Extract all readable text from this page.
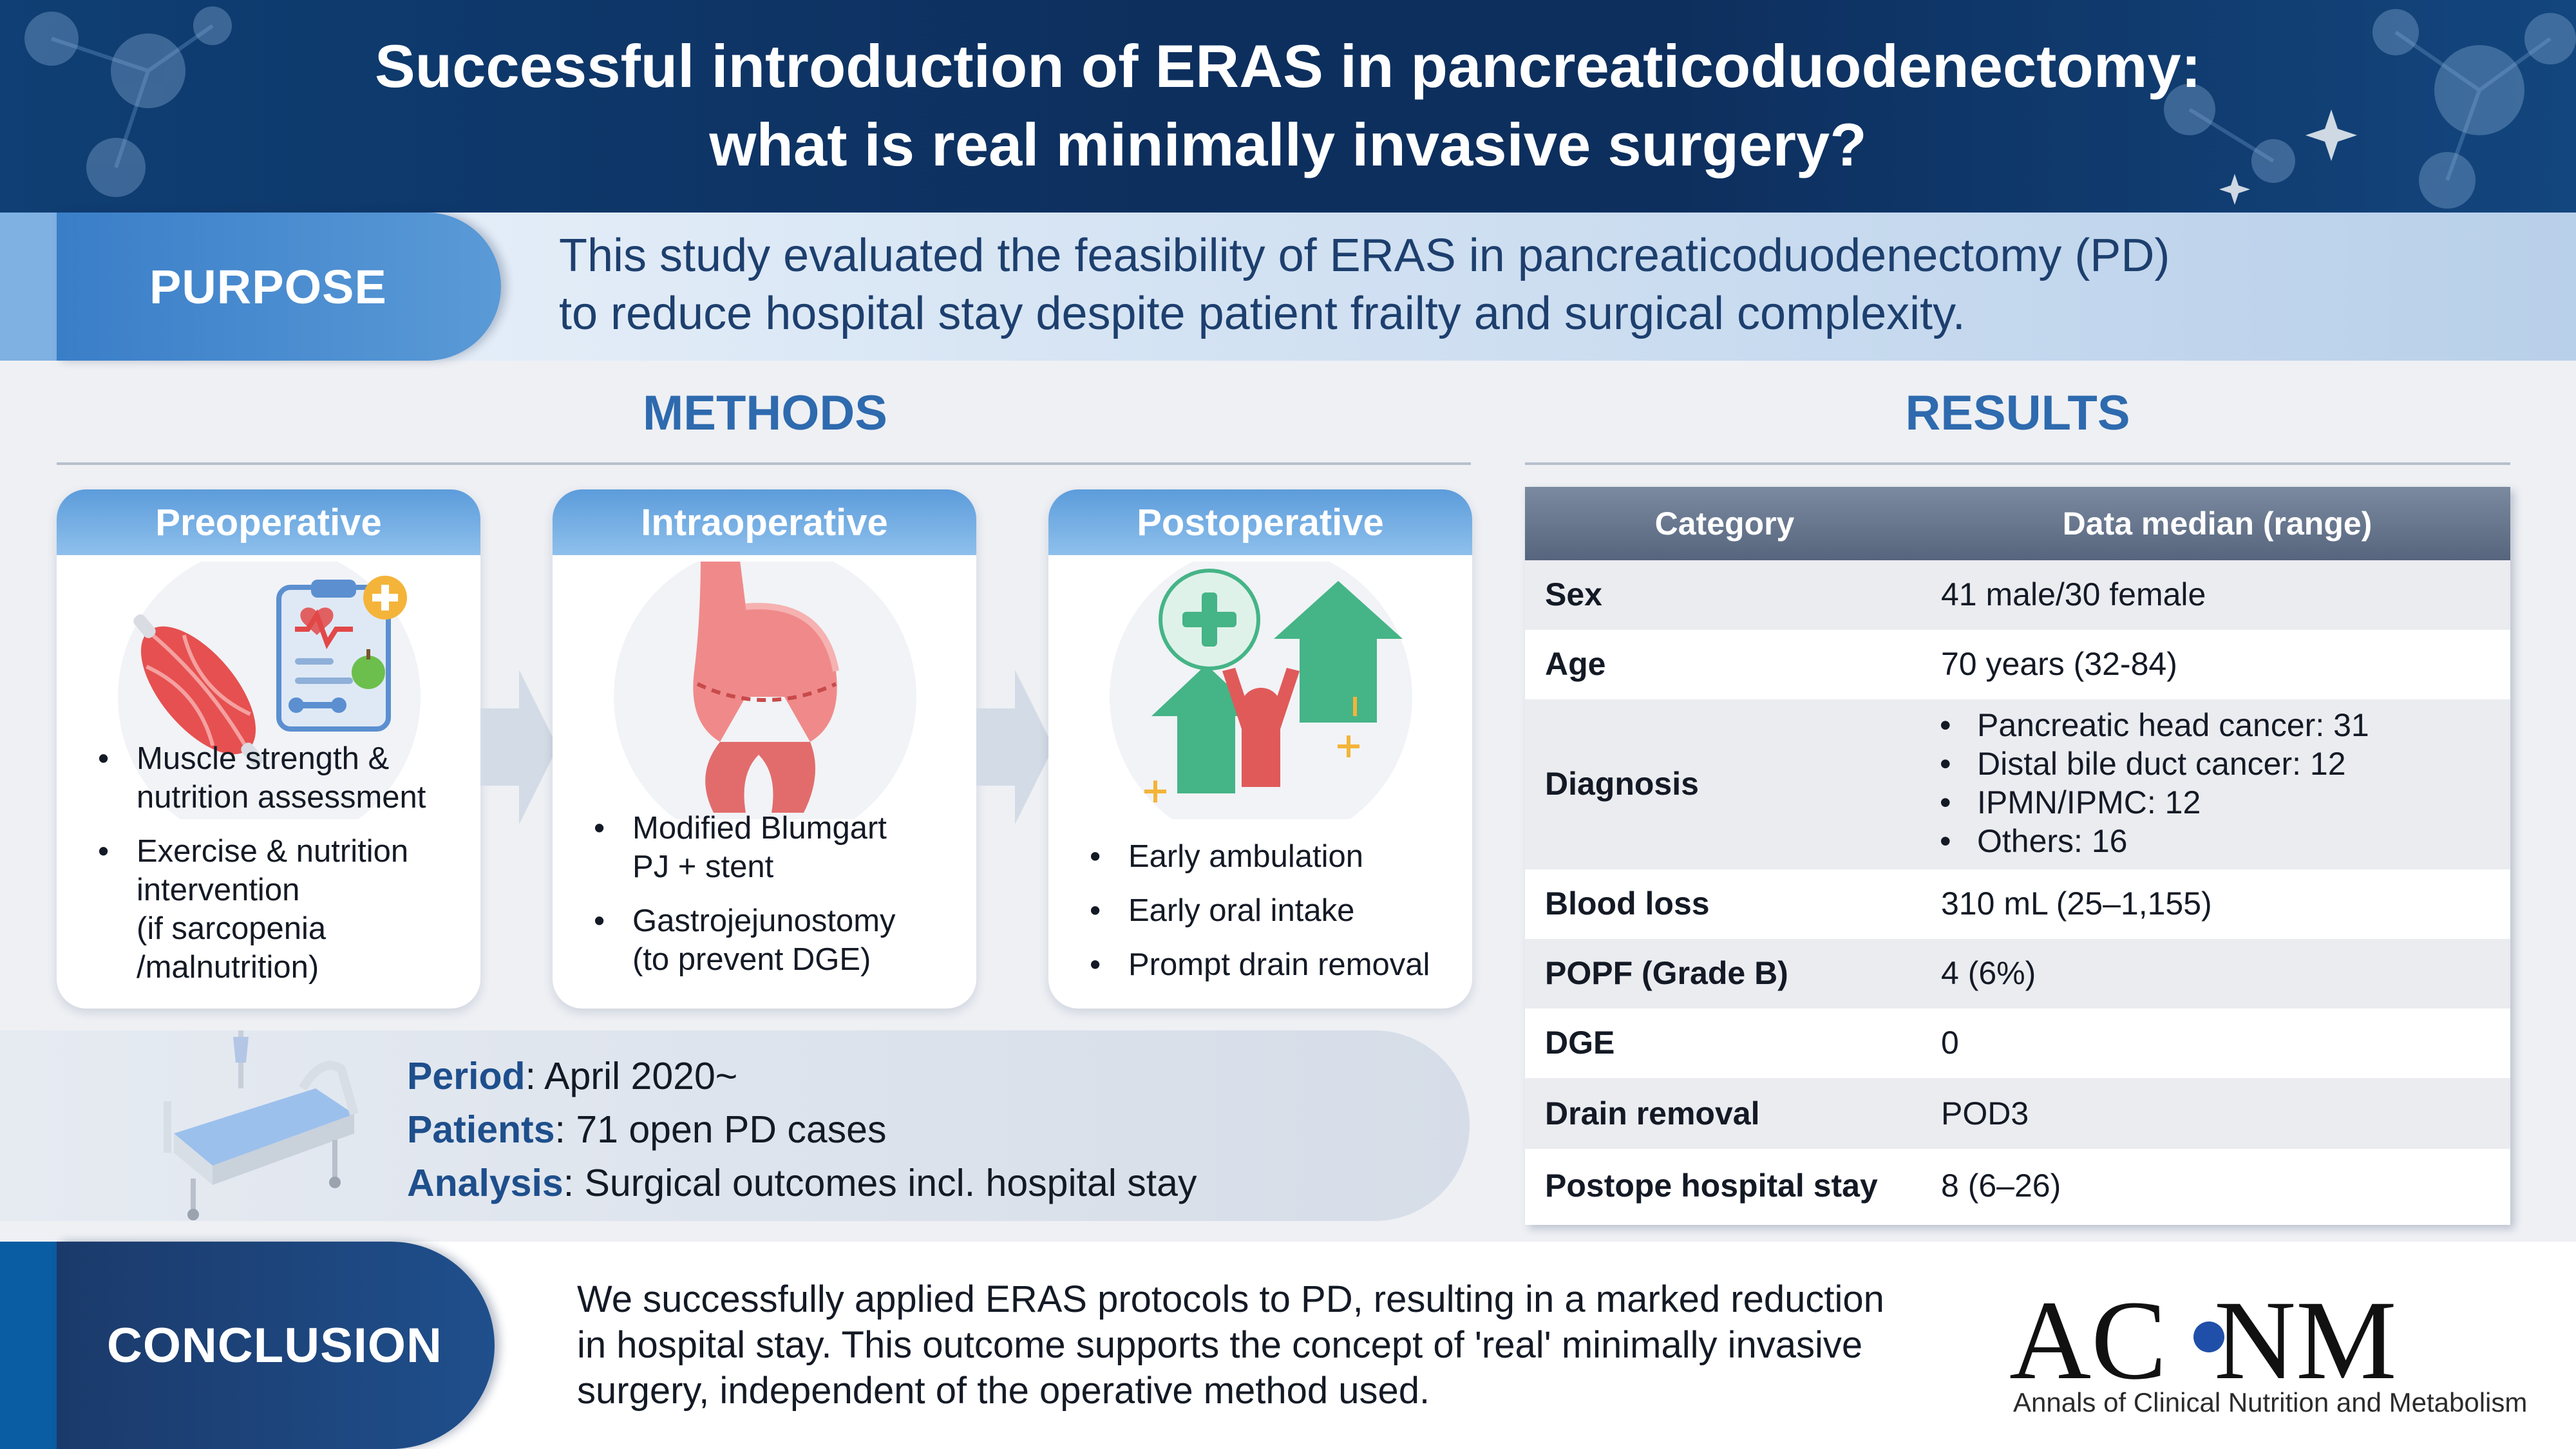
Successful introduction of ERAS in pancreaticoduodenectomy:
what is real minimally invasive surgery?
PURPOSE
This study evaluated the feasibility of ERAS in pancreaticoduodenectomy (PD)
to reduce hospital stay despite patient frailty and surgical complexity.
METHODS
Preoperative
• Muscle strength &
nutrition assessment
• Exercise & nutrition
intervention
(if sarcopenia
/malnutrition)
Intraoperative
• Modified Blumgart
PJ + stent
• Gastrojejunostomy
(to prevent DGE)
Postoperative
• Early ambulation
• Early oral intake
• Prompt drain removal
Period: April 2020~
Patients: 71 open PD cases
Analysis: Surgical outcomes incl. hospital stay
RESULTS
Category	Data median (range)
Sex	41 male/30 female
Age	70 years (32-84)
Diagnosis
• Pancreatic head cancer: 31
• Distal bile duct cancer: 12
• IPMN/IPMC: 12
• Others: 16
Blood loss	310 mL (25–1,155)
POPF (Grade B)	4 (6%)
DGE	0
Drain removal	POD3
Postope hospital stay 8 (6–26)
CONCLUSION
We successfully applied ERAS protocols to PD, resulting in a marked reduction
in hospital stay. This outcome supports the concept of 'real' minimally invasive
surgery, independent of the operative method used.	AC NM
Annals of Clinical Nutrition and Metabolism
